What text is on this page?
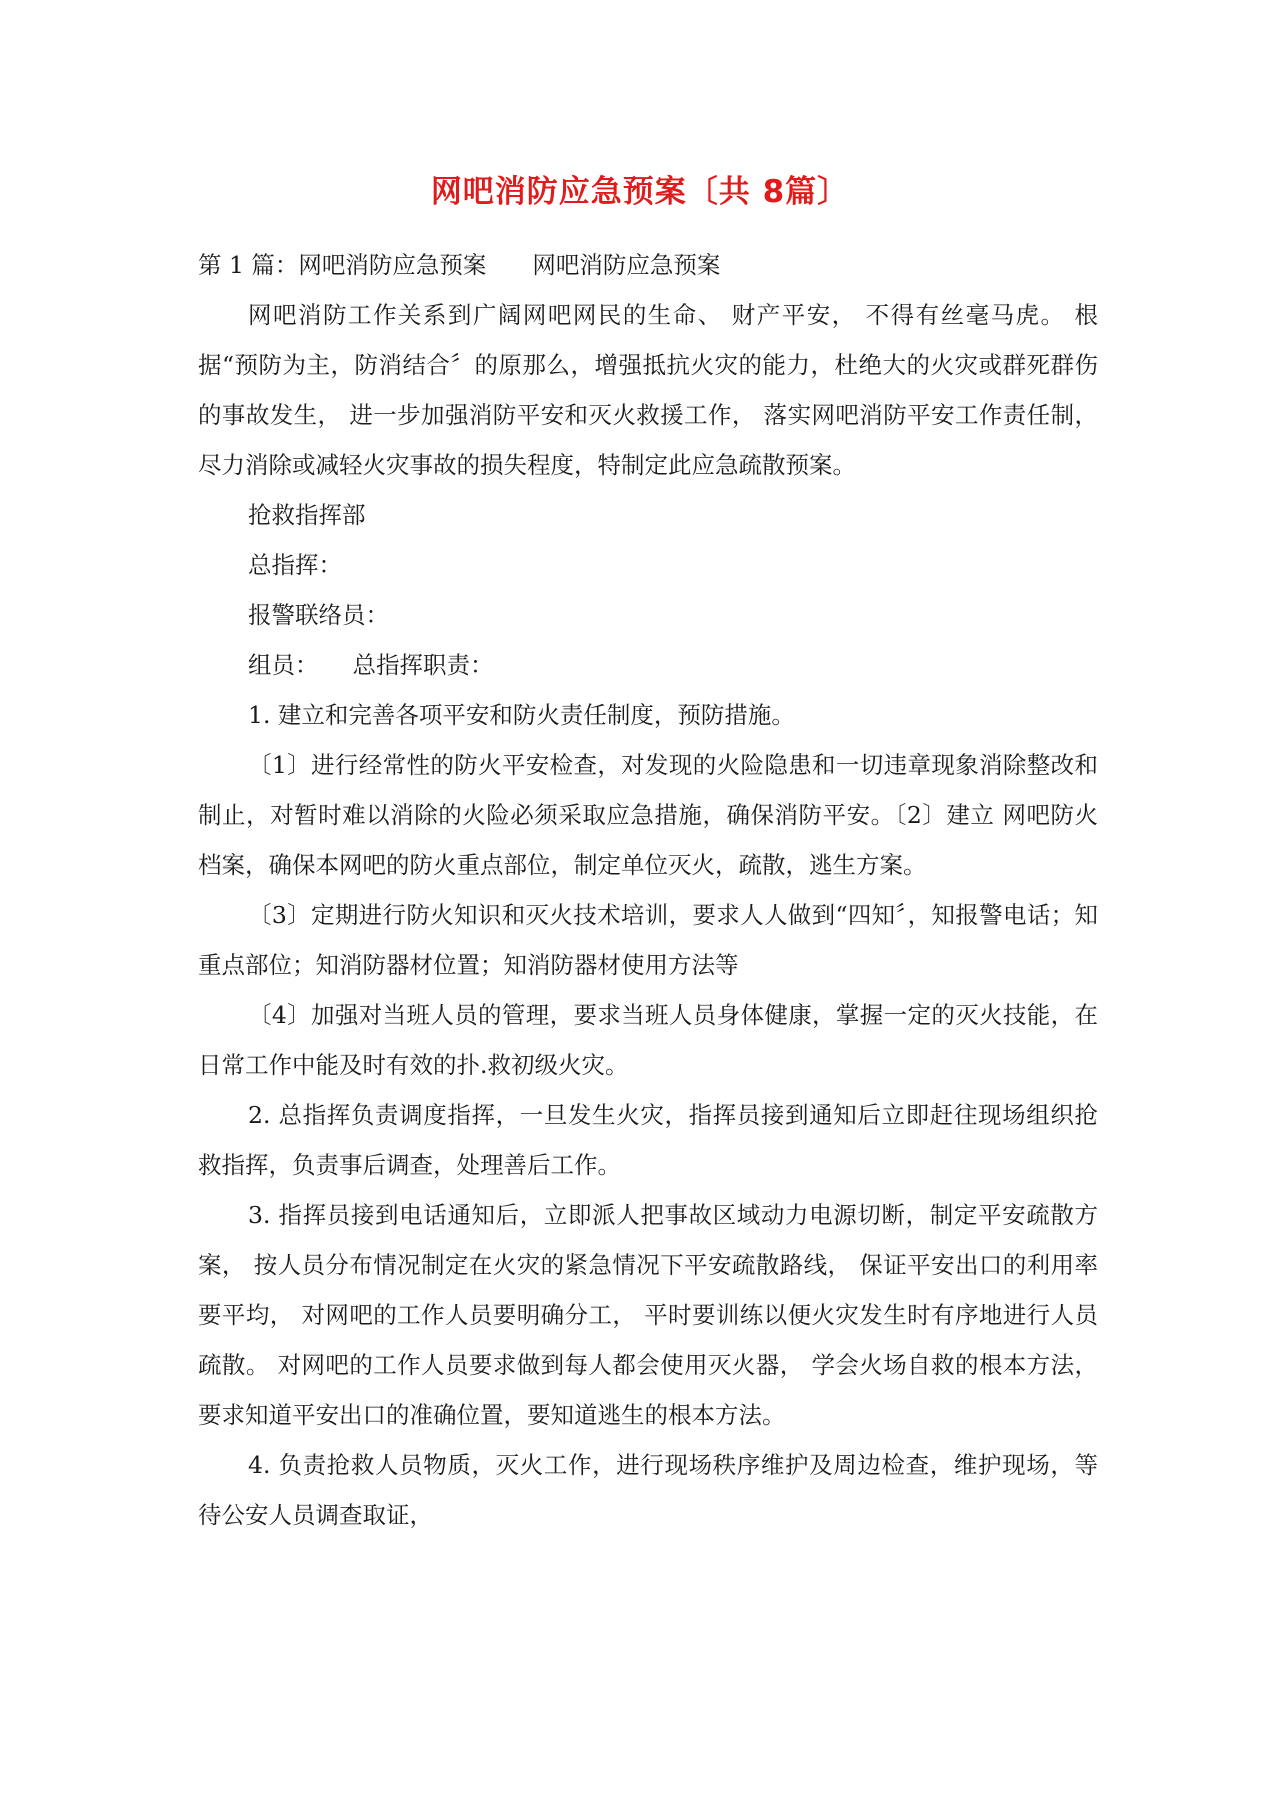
网吧消防应急预案〔共 8篇〕
第 1 篇：网吧消防应急预案 网吧消防应急预案

网吧消防工作关系到广阔网吧网民的生命、 财产平安， 不得有丝毫马虎。 根据“预防为主，防消结合〞的原那么，增强抵抗火灾的能力，杜绝大的火灾或群死群伤的事故发生， 进一步加强消防平安和灭火救援工作， 落实网吧消防平安工作责任制，尽力消除或减轻火灾事故的损失程度，特制定此应急疏散预案。

抢救指挥部

总指挥：

报警联络员：

组员： 总指挥职责：

1. 建立和完善各项平安和防火责任制度，预防措施。

〔1〕进行经常性的防火平安检查，对发现的火险隐患和一切违章现象消除整改和制止，对暂时难以消除的火险必须采取应急措施，确保消防平安。〔2〕建立 网吧防火档案，确保本网吧的防火重点部位，制定单位灭火，疏散，逃生方案。

〔3〕定期进行防火知识和灭火技术培训，要求人人做到“四知〞，知报警电话；知重点部位；知消防器材位置；知消防器材使用方法等

〔4〕加强对当班人员的管理，要求当班人员身体健康，掌握一定的灭火技能，在日常工作中能及时有效的扑.救初级火灾。

2. 总指挥负责调度指挥，一旦发生火灾，指挥员接到通知后立即赶往现场组织抢救指挥，负责事后调查，处理善后工作。

3. 指挥员接到电话通知后，立即派人把事故区域动力电源切断，制定平安疏散方案， 按人员分布情况制定在火灾的紧急情况下平安疏散路线， 保证平安出口的利用率要平均， 对网吧的工作人员要明确分工， 平时要训练以便火灾发生时有序地进行人员疏散。 对网吧的工作人员要求做到每人都会使用灭火器， 学会火场自救的根本方法，要求知道平安出口的准确位置，要知道逃生的根本方法。

4. 负责抢救人员物质，灭火工作，进行现场秩序维护及周边检查，维护现场，等待公安人员调查取证，
